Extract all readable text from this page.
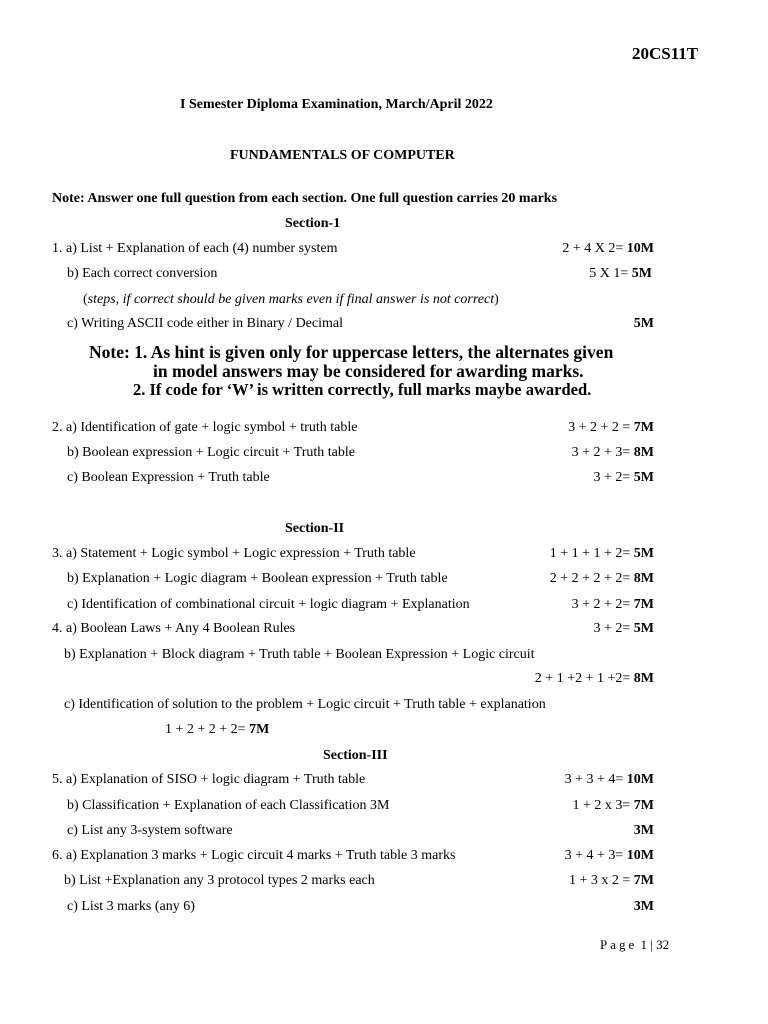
20CS11T
I Semester Diploma Examination, March/April 2022
FUNDAMENTALS OF COMPUTER
Note: Answer one full question from each section. One full question carries 20 marks
Section-1
1. a) List + Explanation of each (4) number system	2 + 4 X 2= 10M
b) Each correct conversion	5 X 1= 5M
(steps, if correct should be given marks even if final answer is not correct)
c) Writing ASCII code either in Binary / Decimal	5M
Note: 1. As hint is given only for uppercase letters, the alternates given
in model answers may be considered for awarding marks.
2. If code for ‘W’ is written correctly, full marks maybe awarded.
2. a) Identification of gate + logic symbol + truth table	3 + 2 + 2 = 7M
b) Boolean expression + Logic circuit + Truth table	3 + 2 + 3= 8M
c) Boolean Expression + Truth table	3 + 2= 5M
Section-II
3. a) Statement + Logic symbol + Logic expression + Truth table	1 + 1 + 1 + 2= 5M
b) Explanation + Logic diagram + Boolean expression + Truth table	2 + 2 + 2 + 2= 8M
c) Identification of combinational circuit + logic diagram + Explanation	3 + 2 + 2= 7M
4. a) Boolean Laws + Any 4 Boolean Rules	3 + 2= 5M
b) Explanation + Block diagram + Truth table + Boolean Expression + Logic circuit
2 + 1 +2 + 1 +2= 8M
c) Identification of solution to the problem + Logic circuit + Truth table + explanation
1 + 2 + 2 + 2= 7M
Section-III
5. a) Explanation of SISO + logic diagram + Truth table	3 + 3 + 4= 10M
b) Classification + Explanation of each Classification 3M	1 + 2 x 3= 7M
c) List any 3-system software	3M
6. a) Explanation 3 marks + Logic circuit 4 marks + Truth table 3 marks	3 + 4 + 3= 10M
b) List +Explanation any 3 protocol types 2 marks each	1 + 3 x 2 = 7M
c) List 3 marks (any 6)	3M
Page 1 | 32
